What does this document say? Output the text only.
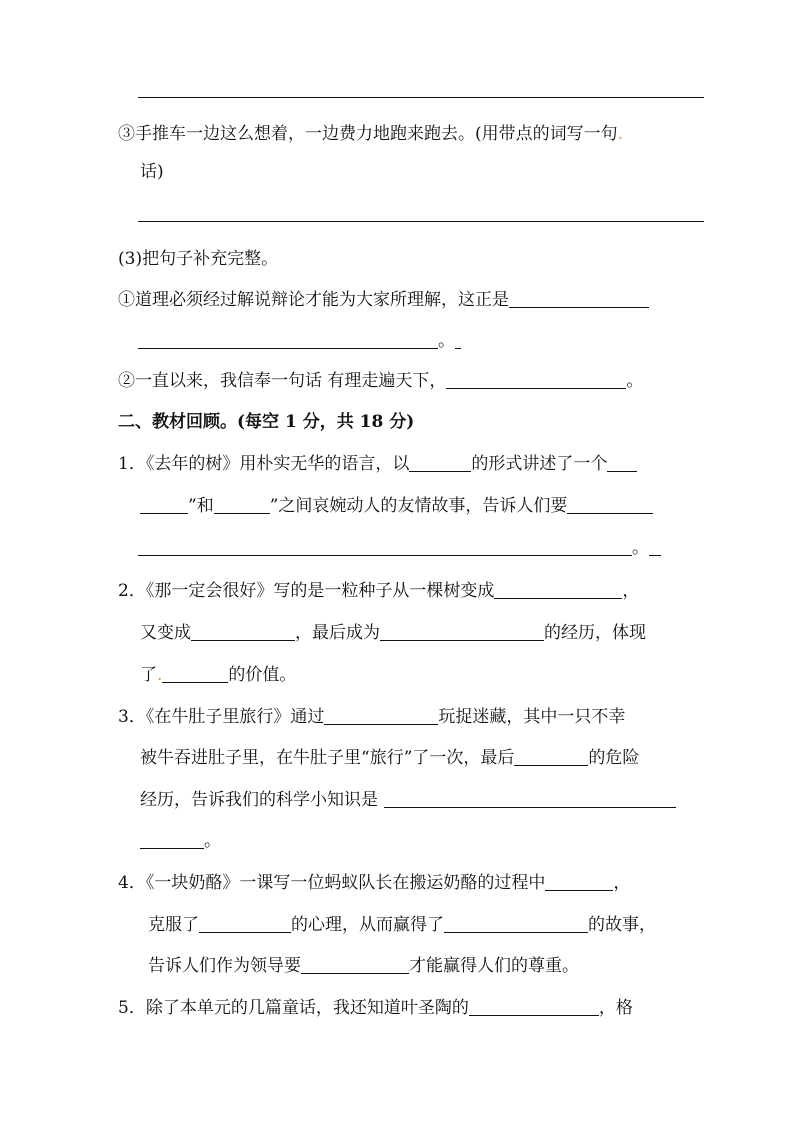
③手推车一边这么想着，一边费力地跑来跑去。(用带点的词写一句.
话)
(3)把句子补充完整。
①道理必须经过解说辩论才能为大家所理解，这正是
。
②一直以来，我信奉一句话 有理走遍天下，	。
二、教材回顾。(每空 1 分，共 18 分)
1．《去年的树》用朴实无华的语言，以	的形式讲述了一个
”和	”之间哀婉动人的友情故事，告诉人们要
。
2．《那一定会很好》写的是一粒种子从一棵树变成	，
又变成	，最后成为	的经历，体现
了.	的价值。
3．《在牛肚子里旅行》通过	玩捉迷藏，其中一只不幸
被牛吞进肚子里，在牛肚子里“旅行”了一次，最后	的危险
经历，告诉我们的科学小知识是
。
4．《一块奶酪》一课写一位蚂蚁队长在搬运奶酪的过程中	，
克服了	的心理，从而赢得了	的故事，
告诉人们作为领导要	才能赢得人们的尊重。
5．除了本单元的几篇童话，我还知道叶圣陶的	，格
